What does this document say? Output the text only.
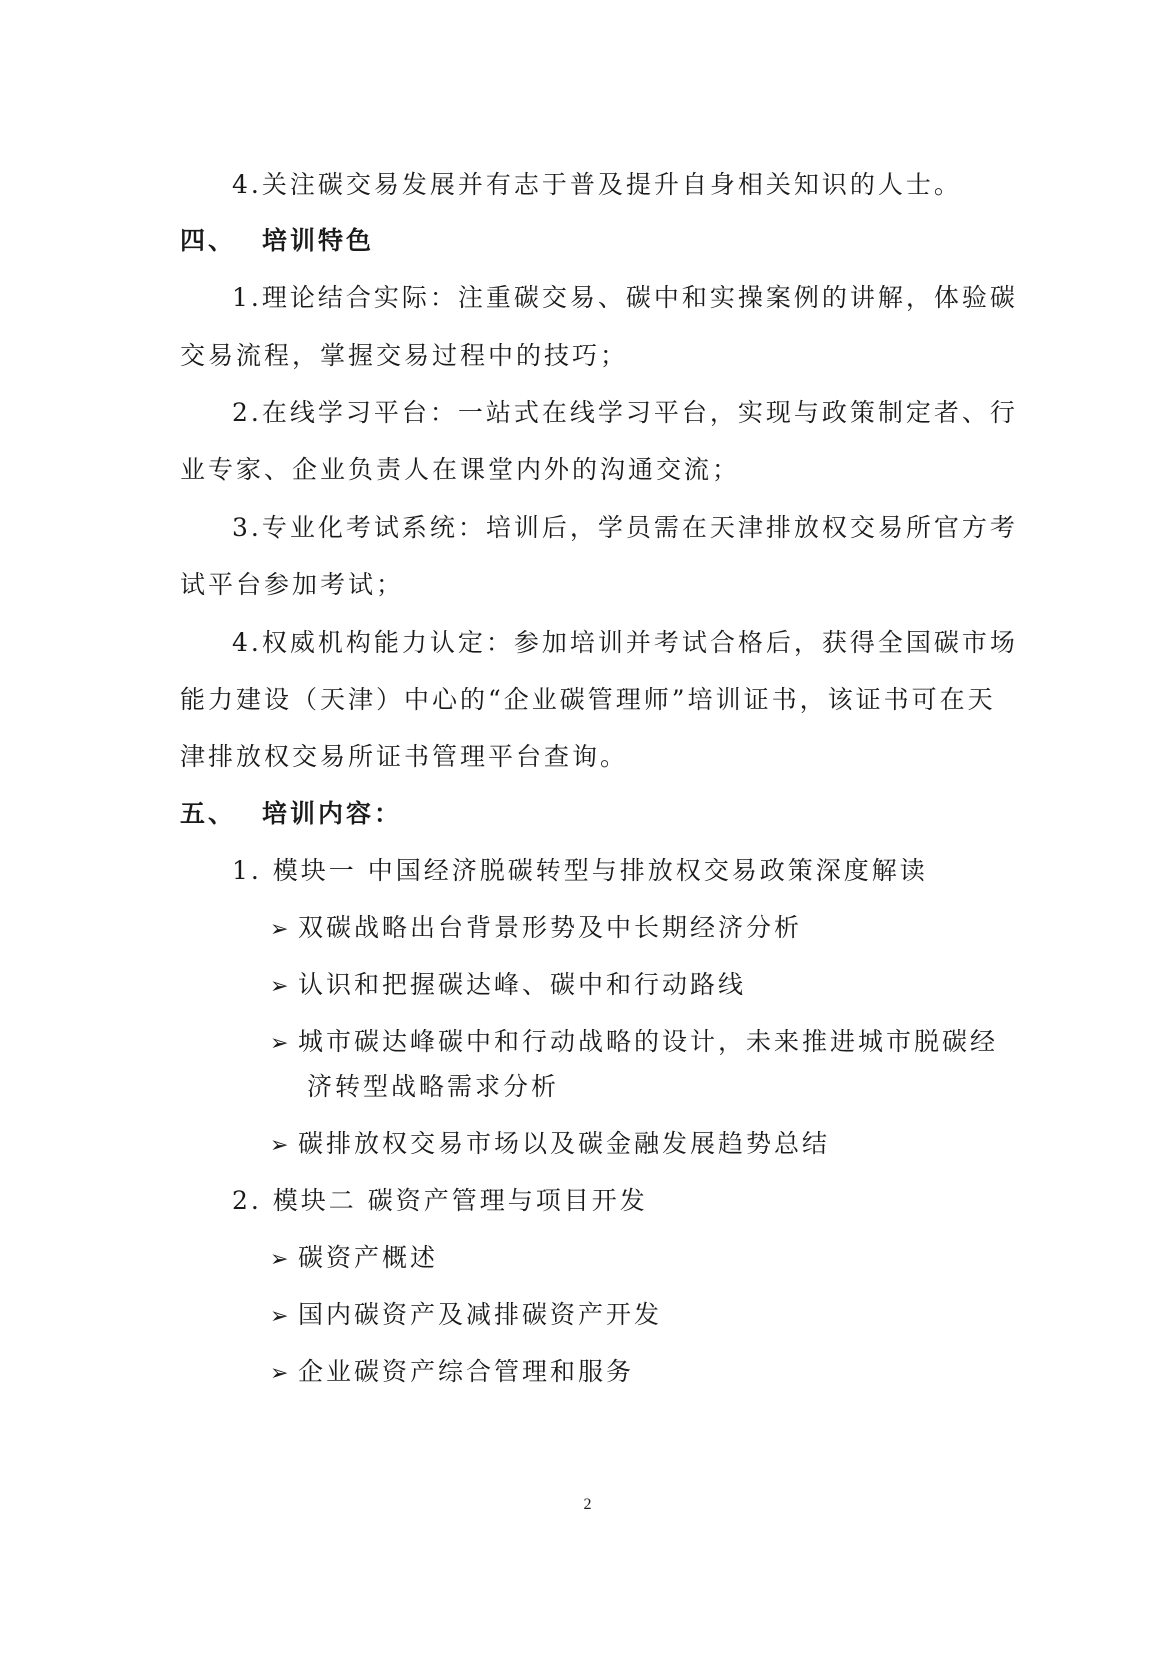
4.关注碳交易发展并有志于普及提升自身相关知识的人士。
四、 培训特色
1.理论结合实际：注重碳交易、碳中和实操案例的讲解，体验碳
交易流程，掌握交易过程中的技巧；
2.在线学习平台：一站式在线学习平台，实现与政策制定者、行
业专家、企业负责人在课堂内外的沟通交流；
3.专业化考试系统：培训后，学员需在天津排放权交易所官方考
试平台参加考试；
4.权威机构能力认定：参加培训并考试合格后，获得全国碳市场
能力建设（天津）中心的“企业碳管理师”培训证书，该证书可在天
津排放权交易所证书管理平台查询。
五、 培训内容：
1. 模块一 中国经济脱碳转型与排放权交易政策深度解读
➢ 双碳战略出台背景形势及中长期经济分析
➢ 认识和把握碳达峰、碳中和行动路线
➢ 城市碳达峰碳中和行动战略的设计，未来推进城市脱碳经
济转型战略需求分析
➢ 碳排放权交易市场以及碳金融发展趋势总结
2. 模块二 碳资产管理与项目开发
➢ 碳资产概述
➢ 国内碳资产及减排碳资产开发
➢ 企业碳资产综合管理和服务
2
